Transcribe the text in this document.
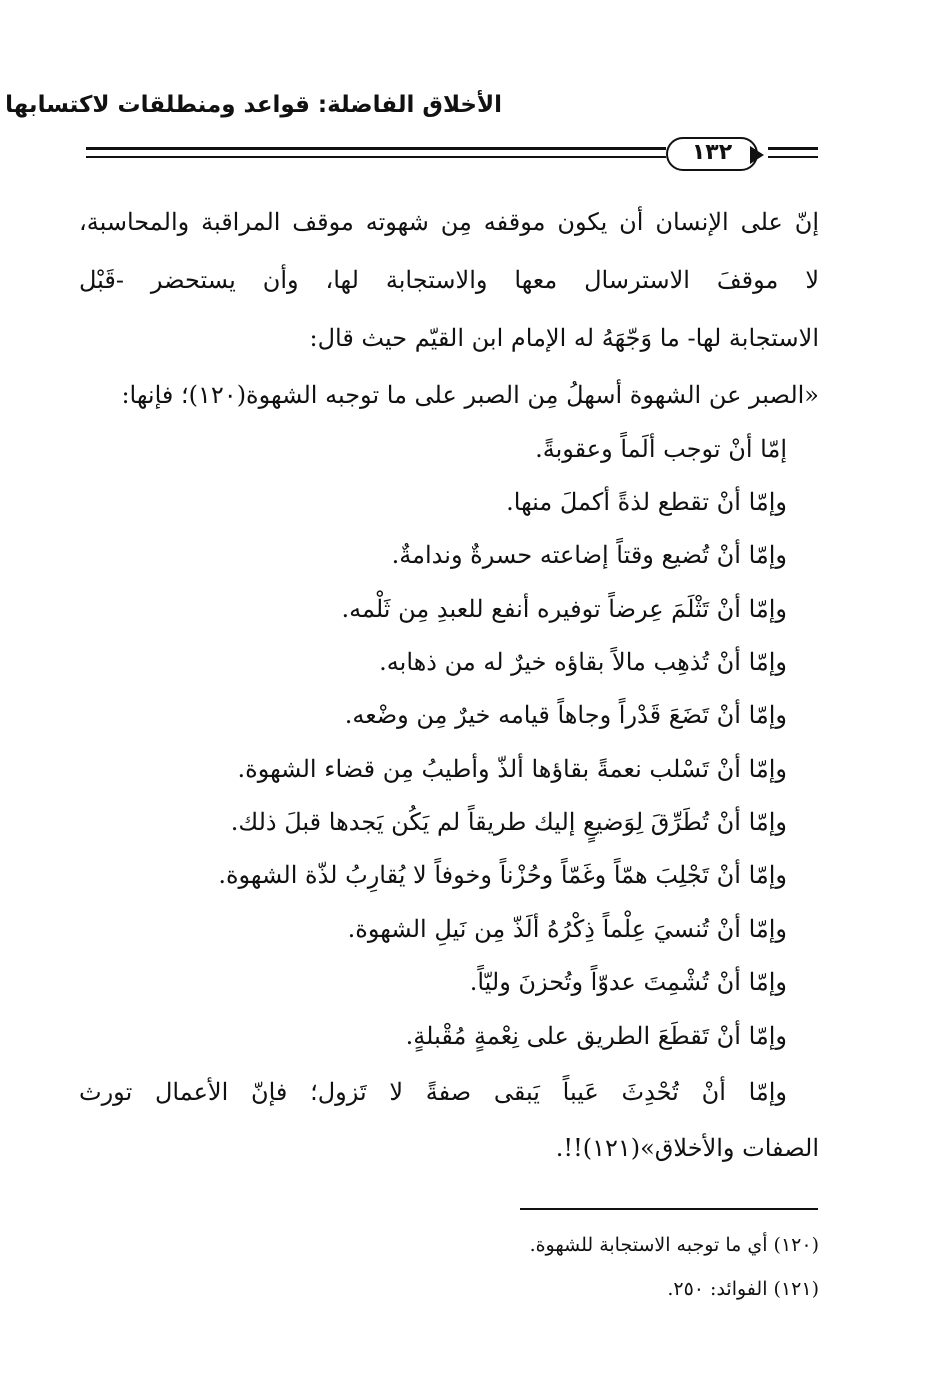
الأخلاق الفاضلة: قواعد ومنطلقات لاكتسابها
١٣٢
إنّ على الإنسان أن يكون موقفه مِن شهوته موقف المراقبة والمحاسبة،
لا موقفَ الاسترسال معها والاستجابة لها، وأن يستحضر -قَبْل
الاستجابة لها- ما وَجّهَهُ له الإمام ابن القيّم حيث قال:
«الصبر عن الشهوة أسهلُ مِن الصبر على ما توجبه الشهوة(١٢٠)؛ فإنها:
إمّا أنْ توجب ألَماً وعقوبةً.
وإمّا أنْ تقطع لذةً أكملَ منها.
وإمّا أنْ تُضيع وقتاً إضاعته حسرةٌ وندامةٌ.
وإمّا أنْ تَثْلَمَ عِرضاً توفيره أنفع للعبدِ مِن ثَلْمه.
وإمّا أنْ تُذهِب مالاً بقاؤه خيرٌ له من ذهابه.
وإمّا أنْ تَضَعَ قَدْراً وجاهاً قيامه خيرٌ مِن وضْعه.
وإمّا أنْ تَسْلب نعمةً بقاؤها ألذّ وأطيبُ مِن قضاء الشهوة.
وإمّا أنْ تُطَرِّقَ لِوَضيعٍ إليك طريقاً لم يَكُن يَجدها قبلَ ذلك.
وإمّا أنْ تَجْلِبَ همّاً وغَمّاً وحُزْناً وخوفاً لا يُقارِبُ لذّة الشهوة.
وإمّا أنْ تُنسيَ عِلْماً ذِكْرُهُ ألَذّ مِن نَيلِ الشهوة.
وإمّا أنْ تُشْمِتَ عدوّاً وتُحزنَ وليّاً.
وإمّا أنْ تَقطَعَ الطريق على نِعْمةٍ مُقْبلةٍ.
وإمّا أنْ تُحْدِثَ عَيباً يَبقى صفةً لا تَزول؛ فإنّ الأعمال تورث
الصفات والأخلاق»(١٢١)!!.
(١٢٠) أي ما توجبه الاستجابة للشهوة.
(١٢١) الفوائد: ٢٥٠.
